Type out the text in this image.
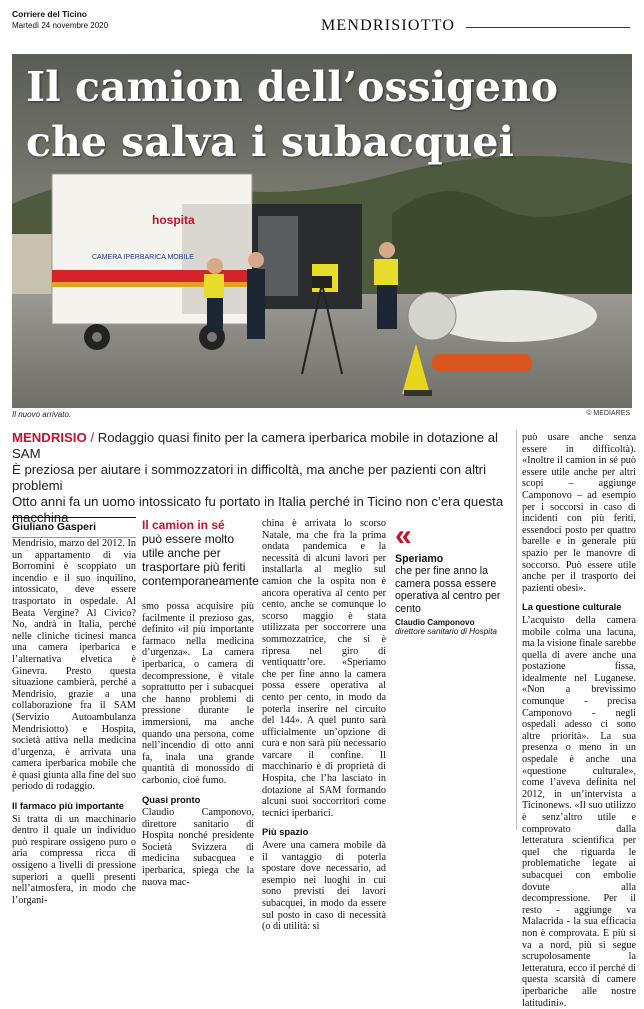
Corriere del Ticino
Martedì 24 novembre 2020	MENDRISIOTTO
CAMERA IPERBARICA MOBILE
hospita
Il camion dell’ossigeno
che salva i subacquei
Il nuovo arrivato.	© MEDIARES
MENDRISIO / Rodaggio quasi finito per la camera iperbarica mobile in dotazione al SAM
È preziosa per aiutare i sommozzatori in difficoltà, ma anche per pazienti con altri problemi
Otto anni fa un uomo intossicato fu portato in Italia perché in Ticino non c’era questa macchina
Giuliano Gasperi	Il camion in sé
può essere molto utile anche per trasportare più feriti contemporaneamente
«
Speriamo
che per fine anno la camera possa essere operativa al centro per cento
Claudio Camponovo
direttore sanitario di Hospita

Mendrisio, marzo del 2012. In un appartamento di via Borromini è scoppiato un incendio e il suo inquilino, intossicato, deve essere trasportato in ospedale. Al Beata Vergine? Al Civico? No, andrà in Italia, perché nelle cliniche ticinesi manca una camera iperbarica e l’alternativa elvetica è Ginevra. Presto questa situazione cambierà, perché a Mendrisio, grazie a una collaborazione fra il SAM (Servizio Autoambulanza Mendrisiotto) e Hospita, società attiva nella medicina d’urgenza, è arrivata una camera iperbarica mobile che è quasi giunta alla fine del suo periodo di rodaggio.

Il farmaco più importante

Si tratta di un macchinario dentro il quale un individuo può respirare ossigeno puro o aria compressa ricca di ossigeno a livelli di pressione superiori a quelli presenti nell’atmosfera, in modo che l’organi-

smo possa acquisire più facilmente il prezioso gas, definito «il più importante farmaco nella medicina d’urgenza». La camera iperbarica, o camera di decompressione, è vitale soprattutto per i subacquei che hanno problemi di pressione durante le immersioni, ma anche quando una persona, come nell’incendio di otto anni fa, inala una grande quantità di monossido di carbonio, cioè fumo.

Quasi pronto

Claudio Camponovo, direttore sanitario di Hospita nonché presidente Società Svizzera di medicina subacquea e iperbarica, spiega che la nuova mac-

china è arrivata lo scorso Natale, ma che fra la prima ondata pandemica e la necessità di alcuni lavori per installarla al meglio sul camion che la ospita non è ancora operativa al cento per cento, anche se comunque lo scorso maggio è stata utilizzata per soccorrere una sommozzatrice, che si è ripresa nel giro di ventiquattr’ore. «Speriamo che per fine anno la camera possa essere operativa al cento per cento, in modo da poterla inserire nel circuito del 144». A quel punto sarà ufficialmente un’opzione di cura e non sarà più necessario varcare il confine. Il macchinario è di proprietà di Hospita, che l’ha lasciato in dotazione al SAM formando alcuni suoi soccorritori come tecnici iperbarici.

Più spazio

Avere una camera mobile dà il vantaggio di poterla spostare dove necessario, ad esempio nei luoghi in cui sono previsti dei lavori subacquei, in modo da essere sul posto in caso di necessità (o di utilità: si

può usare anche senza essere in difficoltà). «Inoltre il camion in sé può essere utile anche per altri scopi – aggiunge Camponovo – ad esempio per i soccorsi in caso di incidenti con più feriti, essendoci posto per quattro barelle e in generale più spazio per le manovre di soccorso. Può essere utile anche per il trasporto dei pazienti obesi».

La questione culturale

L’acquisto della camera mobile colma una lacuna, ma la visione finale sarebbe quella di avere anche una postazione fissa, idealmente nel Luganese. «Non a brevissimo comunque - precisa Camponovo - negli ospedali adesso ci sono altre priorità». La sua presenza o meno in un ospedale è anche una «questione culturale», come l’aveva definita nel 2012, in un’intervista a Ticinonews. «Il suo utilizzo è senz’altro utile e comprovato dalla letteratura scientifica per quel che riguarda le problematiche legate ai subacquei con embolie dovute alla decompressione. Per il resto - aggiunge va Malacrida - la sua efficacia non è comprovata. E più si va a nord, più si segue scrupolosamente la letteratura, ecco il perché di questa scarsità di camere iperbariche alle nostre latitudini».
